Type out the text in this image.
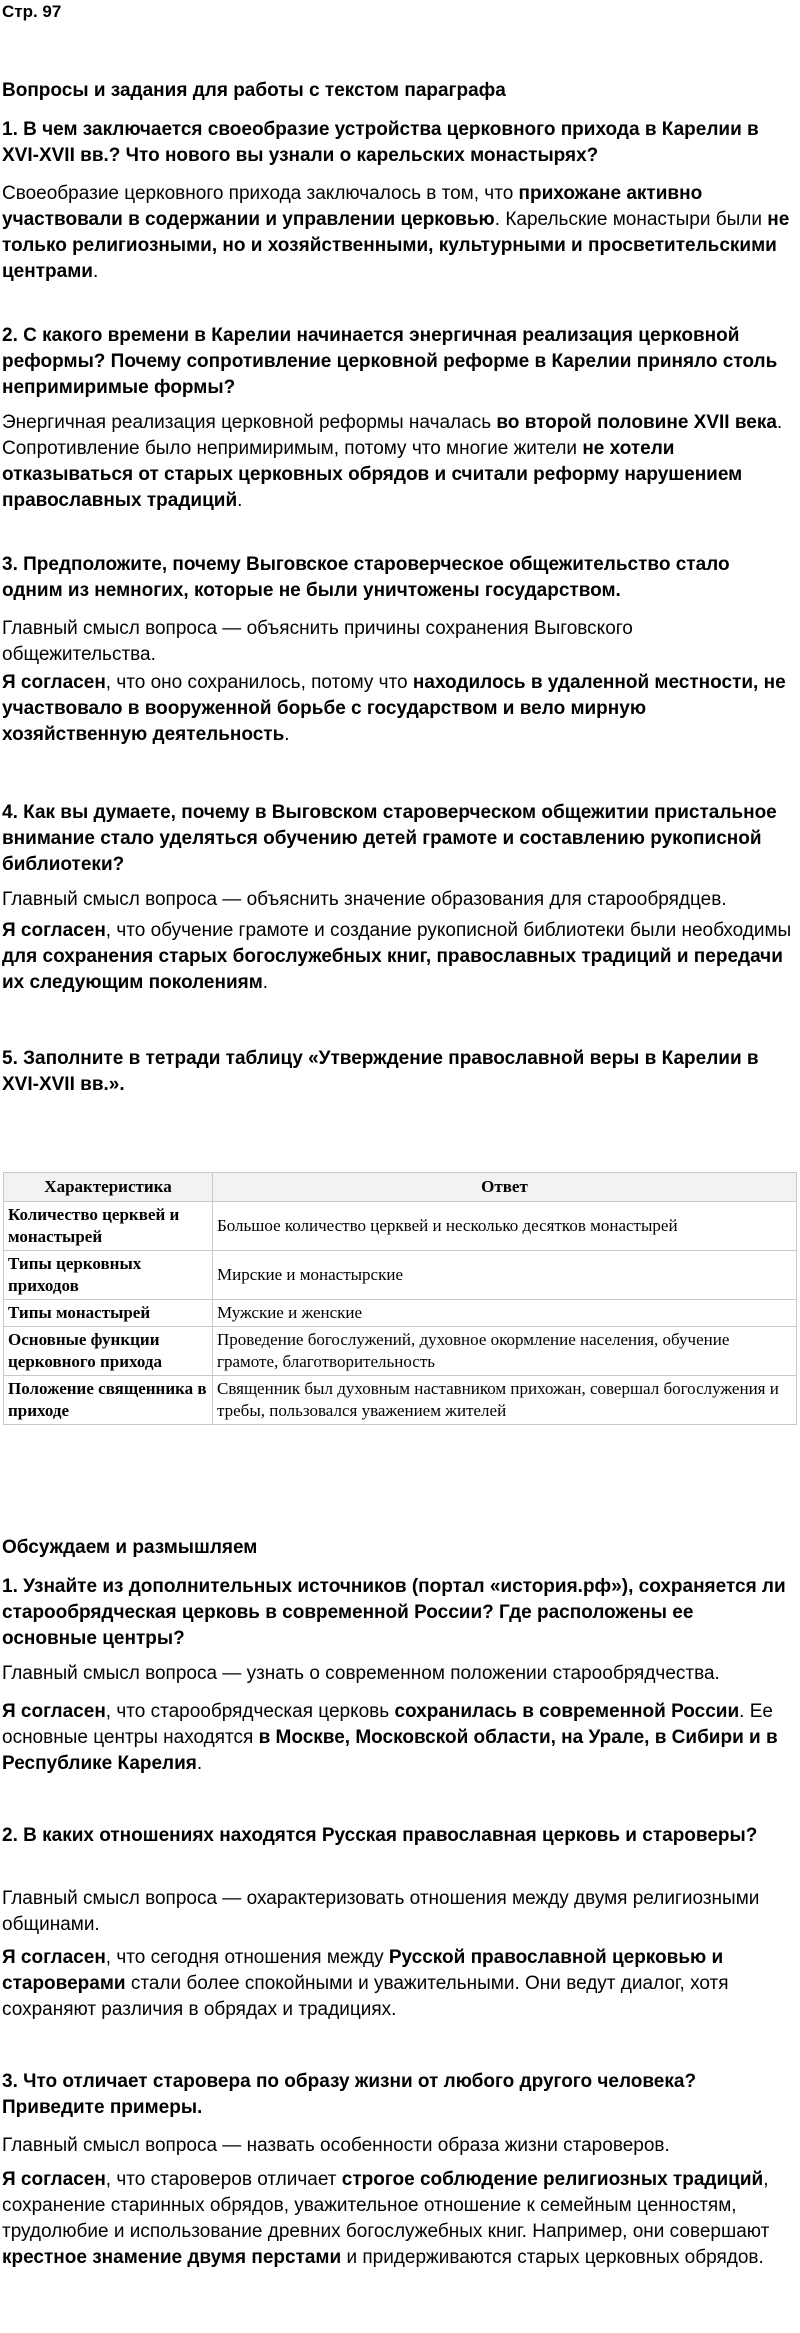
Стр. 97

Вопросы и задания для работы с текстом параграфа

1. В чем заключается своеобразие устройства церковного прихода в Карелии в XVI-XVII вв.? Что нового вы узнали о карельских монастырях?

Своеобразие церковного прихода заключалось в том, что прихожане активно участвовали в содержании и управлении церковью. Карельские монастыри были не только религиозными, но и хозяйственными, культурными и просветительскими центрами.

2. С какого времени в Карелии начинается энергичная реализация церковной реформы? Почему сопротивление церковной реформе в Карелии приняло столь непримиримые формы?

Энергичная реализация церковной реформы началась во второй половине XVII века. Сопротивление было непримиримым, потому что многие жители не хотели отказываться от старых церковных обрядов и считали реформу нарушением православных традиций.

3. Предположите, почему Выговское староверческое общежительство стало одним из немногих, которые не были уничтожены государством.

Главный смысл вопроса — объяснить причины сохранения Выговского общежительства.

Я согласен, что оно сохранилось, потому что находилось в удаленной местности, не участвовало в вооруженной борьбе с государством и вело мирную хозяйственную деятельность.

4. Как вы думаете, почему в Выговском староверческом общежитии пристальное внимание стало уделяться обучению детей грамоте и составлению рукописной библиотеки?

Главный смысл вопроса — объяснить значение образования для старообрядцев.

Я согласен, что обучение грамоте и создание рукописной библиотеки были необходимы для сохранения старых богослужебных книг, православных традиций и передачи их следующим поколениям.

5. Заполните в тетради таблицу «Утверждение православной веры в Карелии в XVI-XVII вв.».

Характеристика	Ответ
Количество церквей и монастырей	Большое количество церквей и несколько десятков монастырей
Типы церковных приходов	Мирские и монастырские
Типы монастырей	Мужские и женские
Основные функции церковного прихода	Проведение богослужений, духовное окормление населения, обучение грамоте, благотворительность
Положение священника в приходе	Священник был духовным наставником прихожан, совершал богослужения и требы, пользовался уважением жителей

Обсуждаем и размышляем

1. Узнайте из дополнительных источников (портал «история.рф»), сохраняется ли старообрядческая церковь в современной России? Где расположены ее основные центры?

Главный смысл вопроса — узнать о современном положении старообрядчества.

Я согласен, что старообрядческая церковь сохранилась в современной России. Ее основные центры находятся в Москве, Московской области, на Урале, в Сибири и в Республике Карелия.

2. В каких отношениях находятся Русская православная церковь и староверы?

Главный смысл вопроса — охарактеризовать отношения между двумя религиозными общинами.

Я согласен, что сегодня отношения между Русской православной церковью и староверами стали более спокойными и уважительными. Они ведут диалог, хотя сохраняют различия в обрядах и традициях.

3. Что отличает старовера по образу жизни от любого другого человека? Приведите примеры.

Главный смысл вопроса — назвать особенности образа жизни староверов.

Я согласен, что староверов отличает строгое соблюдение религиозных традиций, сохранение старинных обрядов, уважительное отношение к семейным ценностям, трудолюбие и использование древних богослужебных книг. Например, они совершают крестное знамение двумя перстами и придерживаются старых церковных обрядов.
